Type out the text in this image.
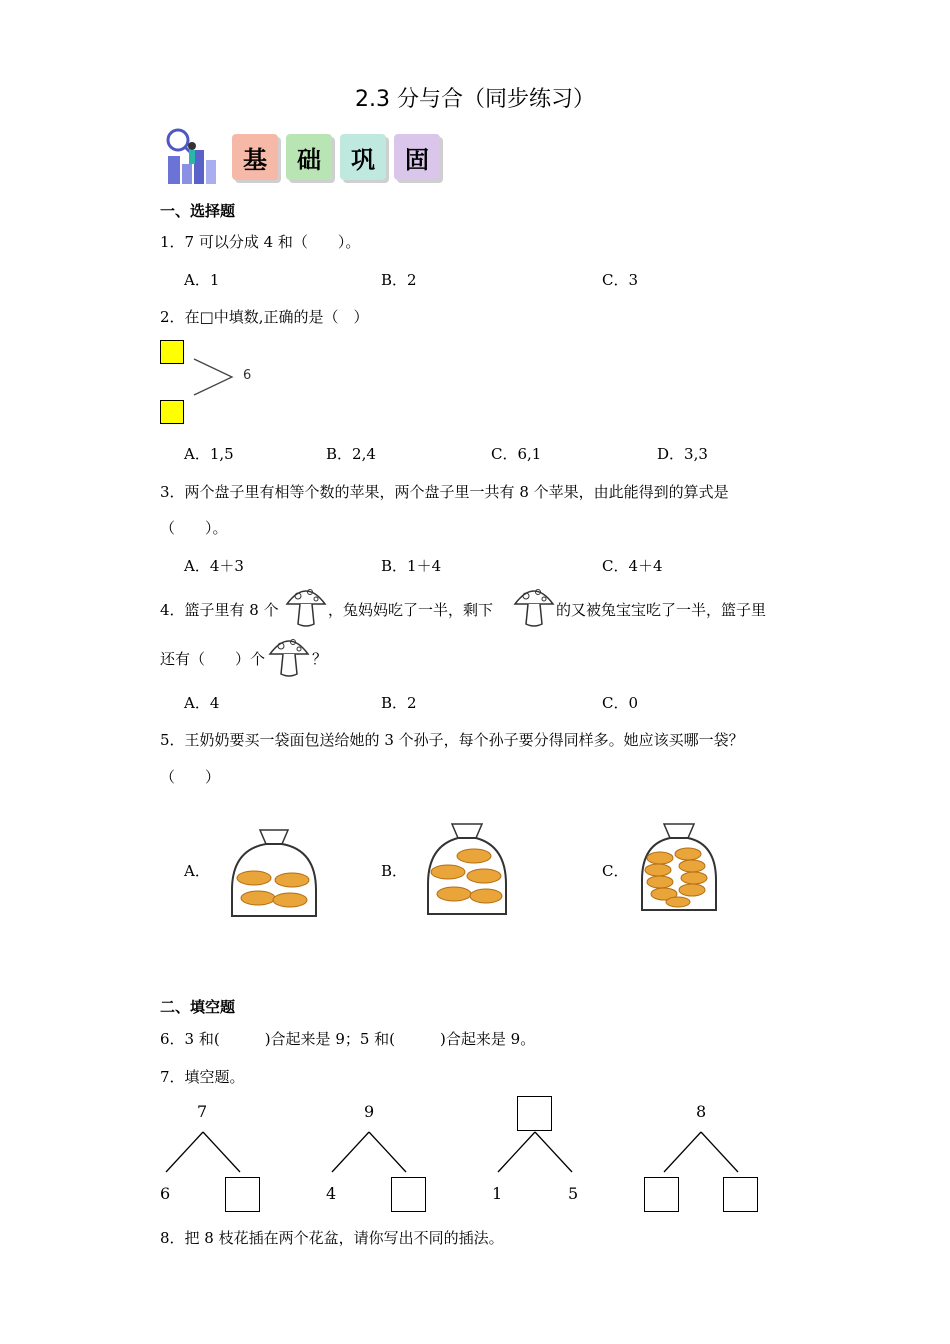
2.3 分与合（同步练习）
基	础	巩	固
一、选择题
1．7 可以分成 4 和（　　）。
A．1	B．2	C．3
2．在□中填数,正确的是（　）
6
A．1,5	B．2,4	C．6,1	D．3,3
3．两个盘子里有相等个数的苹果，两个盘子里一共有 8 个苹果，由此能得到的算式是
（　　）。
A．4＋3	B．1＋4	C．4＋4
4．篮子里有 8 个	，兔妈妈吃了一半，剩下	的又被兔宝宝吃了一半，篮子里
还有（　　）个	？
A．4	B．2	C．0
5．王奶奶要买一袋面包送给她的 3 个孙子，每个孙子要分得同样多。她应该买哪一袋？
（　　）
A．	B．	C．
二、填空题
6．3 和(　　　)合起来是 9；5 和(　　　)合起来是 9。
7．填空题。
7
6
9
4	1	5
8
8．把 8 枝花插在两个花盆，请你写出不同的插法。
